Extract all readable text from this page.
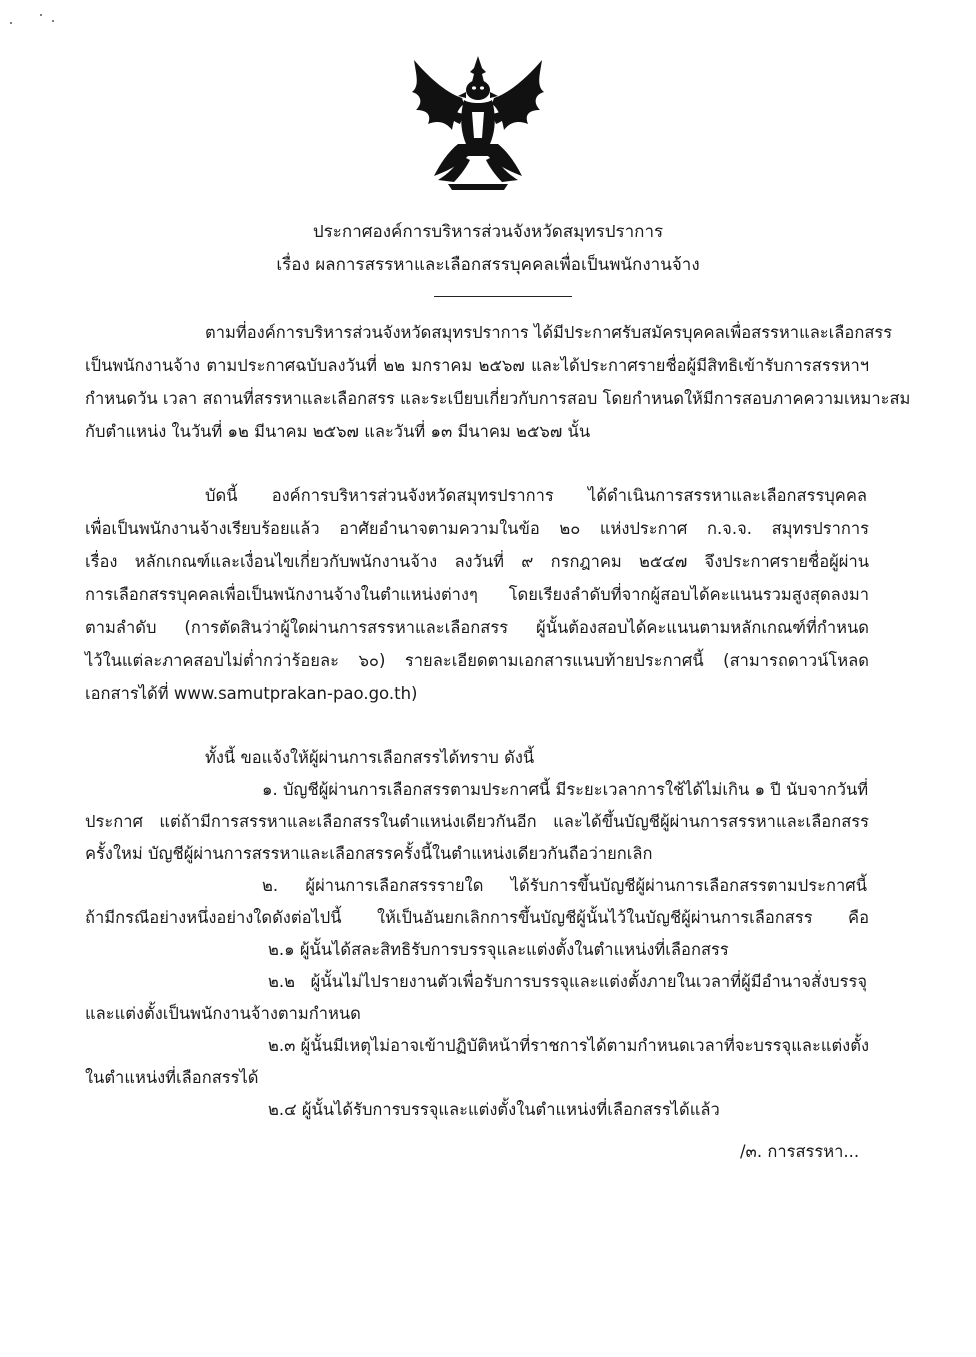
ประกาศองค์การบริหารส่วนจังหวัดสมุทรปราการ
เรื่อง ผลการสรรหาและเลือกสรรบุคคลเพื่อเป็นพนักงานจ้าง
ตามที่องค์การบริหารส่วนจังหวัดสมุทรปราการ ได้มีประกาศรับสมัครบุคคลเพื่อสรรหาและเลือกสรร
เป็นพนักงานจ้าง ตามประกาศฉบับลงวันที่ ๒๒ มกราคม ๒๕๖๗ และได้ประกาศรายชื่อผู้มีสิทธิเข้ารับการสรรหาฯ
กำหนดวัน เวลา สถานที่สรรหาและเลือกสรร และระเบียบเกี่ยวกับการสอบ โดยกำหนดให้มีการสอบภาคความเหมาะสม
กับตำแหน่ง ในวันที่ ๑๒ มีนาคม ๒๕๖๗ และวันที่ ๑๓ มีนาคม ๒๕๖๗ นั้น
บัดนี้ องค์การบริหารส่วนจังหวัดสมุทรปราการ ได้ดำเนินการสรรหาและเลือกสรรบุคคล
เพื่อเป็นพนักงานจ้างเรียบร้อยแล้ว อาศัยอำนาจตามความในข้อ ๒๐ แห่งประกาศ ก.จ.จ. สมุทรปราการ
เรื่อง หลักเกณฑ์และเงื่อนไขเกี่ยวกับพนักงานจ้าง ลงวันที่ ๙ กรกฎาคม ๒๕๔๗ จึงประกาศรายชื่อผู้ผ่าน
การเลือกสรรบุคคลเพื่อเป็นพนักงานจ้างในตำแหน่งต่างๆ โดยเรียงลำดับที่จากผู้สอบได้คะแนนรวมสูงสุดลงมา
ตามลำดับ (การตัดสินว่าผู้ใดผ่านการสรรหาและเลือกสรร ผู้นั้นต้องสอบได้คะแนนตามหลักเกณฑ์ที่กำหนด
ไว้ในแต่ละภาคสอบไม่ต่ำกว่าร้อยละ ๖๐) รายละเอียดตามเอกสารแนบท้ายประกาศนี้ (สามารถดาวน์โหลด
เอกสารได้ที่ www.samutprakan-pao.go.th)
ทั้งนี้ ขอแจ้งให้ผู้ผ่านการเลือกสรรได้ทราบ ดังนี้
๑. บัญชีผู้ผ่านการเลือกสรรตามประกาศนี้ มีระยะเวลาการใช้ได้ไม่เกิน ๑ ปี นับจากวันที่
ประกาศ แต่ถ้ามีการสรรหาและเลือกสรรในตำแหน่งเดียวกันอีก และได้ขึ้นบัญชีผู้ผ่านการสรรหาและเลือกสรร
ครั้งใหม่ บัญชีผู้ผ่านการสรรหาและเลือกสรรครั้งนี้ในตำแหน่งเดียวกันถือว่ายกเลิก
๒. ผู้ผ่านการเลือกสรรรายใด ได้รับการขึ้นบัญชีผู้ผ่านการเลือกสรรตามประกาศนี้
ถ้ามีกรณีอย่างหนึ่งอย่างใดดังต่อไปนี้ ให้เป็นอันยกเลิกการขึ้นบัญชีผู้นั้นไว้ในบัญชีผู้ผ่านการเลือกสรร คือ
๒.๑ ผู้นั้นได้สละสิทธิรับการบรรจุและแต่งตั้งในตำแหน่งที่เลือกสรร
๒.๒ ผู้นั้นไม่ไปรายงานตัวเพื่อรับการบรรจุและแต่งตั้งภายในเวลาที่ผู้มีอำนาจสั่งบรรจุ
และแต่งตั้งเป็นพนักงานจ้างตามกำหนด
๒.๓ ผู้นั้นมีเหตุไม่อาจเข้าปฏิบัติหน้าที่ราชการได้ตามกำหนดเวลาที่จะบรรจุและแต่งตั้ง
ในตำแหน่งที่เลือกสรรได้
๒.๔ ผู้นั้นได้รับการบรรจุและแต่งตั้งในตำแหน่งที่เลือกสรรได้แล้ว
/๓. การสรรหา...
